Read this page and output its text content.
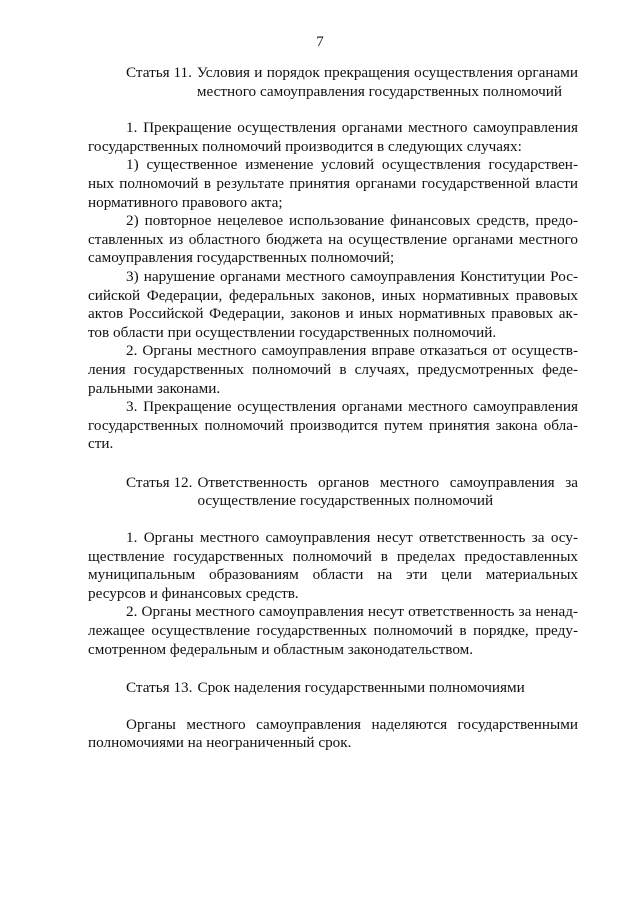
7
Статья 11. Условия и порядок прекращения осуществления органами местного самоуправления государственных полномочий

1. Прекращение осуществления органами местного самоуправления государственных полномочий производится в следующих случаях:

1) существенное изменение условий осуществления государственных полномочий в результате принятия органами государственной власти нормативного правового акта;

2) повторное нецелевое использование финансовых средств, предоставленных из областного бюджета на осуществление органами местного самоуправления государственных полномочий;

3) нарушение органами местного самоуправления Конституции Российской Федерации, федеральных законов, иных нормативных правовых актов Российской Федерации, законов и иных нормативных правовых актов области при осуществлении государственных полномочий.

2. Органы местного самоуправления вправе отказаться от осуществления государственных полномочий в случаях, предусмотренных федеральными законами.

3. Прекращение осуществления органами местного самоуправления государственных полномочий производится путем принятия закона области.

Статья 12. Ответственность органов местного самоуправления за осуществление государственных полномочий

1. Органы местного самоуправления несут ответственность за осуществление государственных полномочий в пределах предоставленных муниципальным образованиям области на эти цели материальных ресурсов и финансовых средств.

2. Органы местного самоуправления несут ответственность за ненадлежащее осуществление государственных полномочий в порядке, предусмотренном федеральным и областным законодательством.

Статья 13. Срок наделения государственными полномочиями

Органы местного самоуправления наделяются государственными полномочиями на неограниченный срок.
